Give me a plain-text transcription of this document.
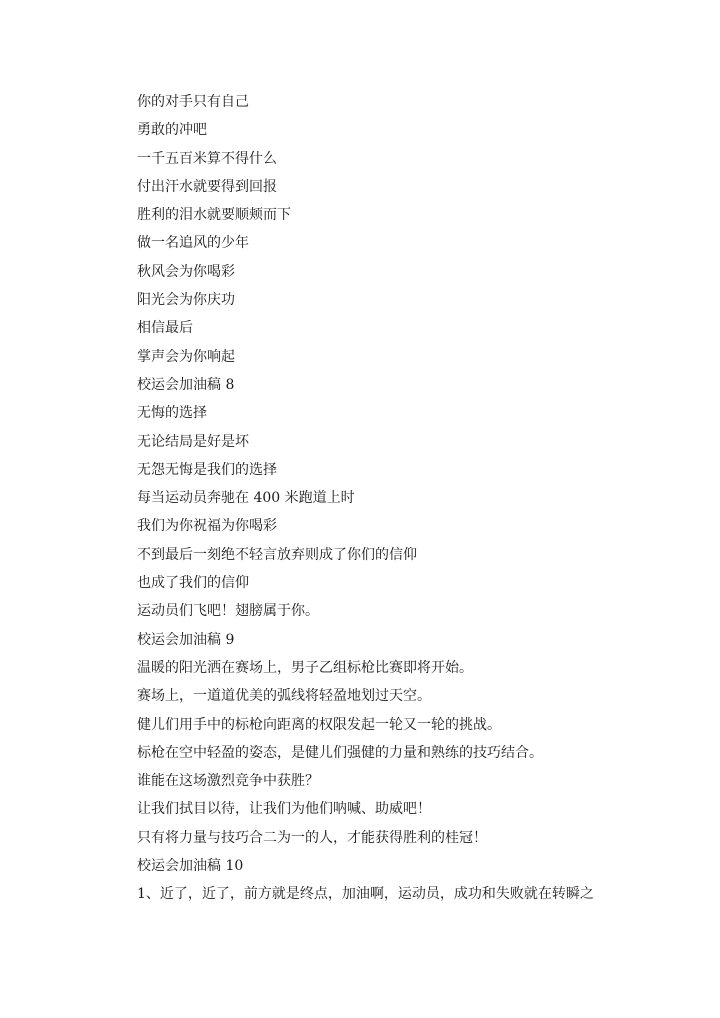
你的对手只有自己
勇敢的冲吧
一千五百米算不得什么
付出汗水就要得到回报
胜利的泪水就要顺颊而下
做一名追风的少年
秋风会为你喝彩
阳光会为你庆功
相信最后
掌声会为你响起
校运会加油稿 8
无悔的选择
无论结局是好是坏
无怨无悔是我们的选择
每当运动员奔驰在 400 米跑道上时
我们为你祝福为你喝彩
不到最后一刻绝不轻言放弃则成了你们的信仰
也成了我们的信仰
运动员们飞吧！翅膀属于你。
校运会加油稿 9
温暖的阳光洒在赛场上，男子乙组标枪比赛即将开始。
赛场上，一道道优美的弧线将轻盈地划过天空。
健儿们用手中的标枪向距离的权限发起一轮又一轮的挑战。
标枪在空中轻盈的姿态，是健儿们强健的力量和熟练的技巧结合。
谁能在这场激烈竞争中获胜？
让我们拭目以待，让我们为他们呐喊、助威吧！
只有将力量与技巧合二为一的人，才能获得胜利的桂冠！
校运会加油稿 10
1、近了，近了，前方就是终点，加油啊，运动员，成功和失败就在转瞬之
